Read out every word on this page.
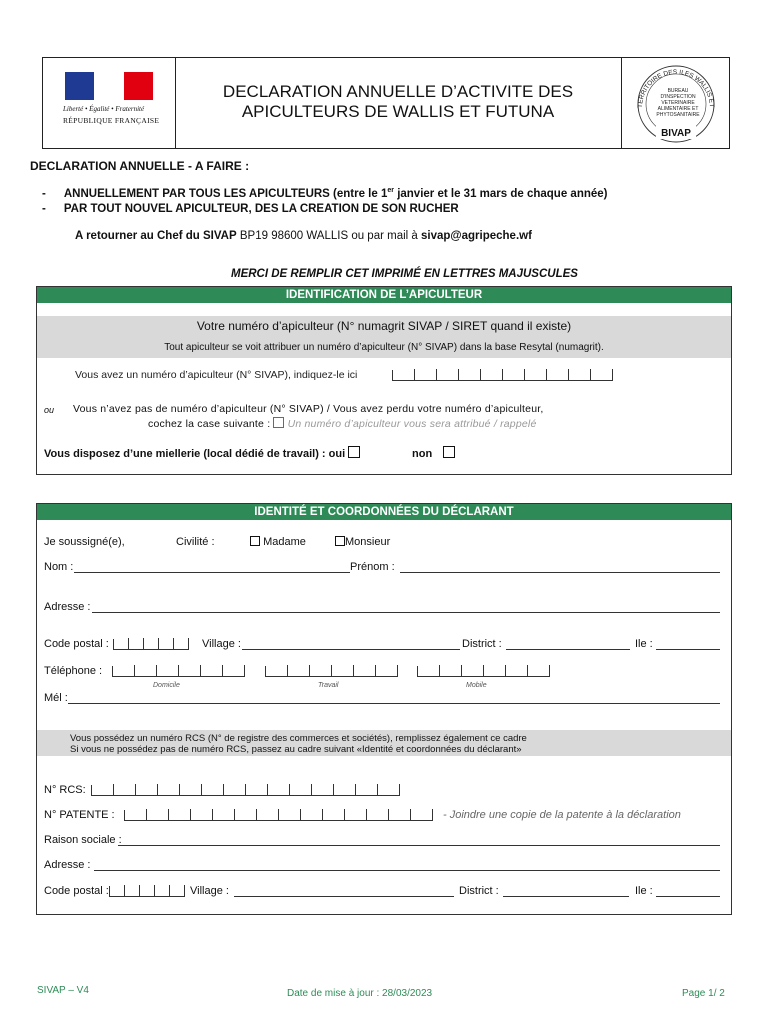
Liberté • Égalité • Fraternité
RÉPUBLIQUE FRANÇAISE
DECLARATION ANNUELLE D’ACTIVITE DES
APICULTEURS DE WALLIS ET FUTUNA	TERRITOIRE DES ILES WALLIS ET
BUREAU
D'INSPECTION
VETERINAIRE
ALIMENTAIRE ET
PHYTOSANITAIRE
BIVAP
DECLARATION ANNUELLE - A FAIRE :
- ANNUELLEMENT PAR TOUS LES APICULTEURS (entre le 1er janvier et le 31 mars de chaque année)
- PAR TOUT NOUVEL APICULTEUR, DES LA CREATION DE SON RUCHER
A retourner au Chef du SIVAP BP19 98600 WALLIS ou par mail à sivap@agripeche.wf
MERCI DE REMPLIR CET IMPRIMÉ EN LETTRES MAJUSCULES
IDENTIFICATION DE L’APICULTEUR
Votre numéro d’apiculteur (N° numagrit SIVAP / SIRET quand il existe)
Tout apiculteur se voit attribuer un numéro d’apiculteur (N° SIVAP) dans la base Resytal (numagrit).
Vous avez un numéro d’apiculteur (N° SIVAP), indiquez-le ici
ou Vous n’avez pas de numéro d’apiculteur (N° SIVAP) / Vous avez perdu votre numéro d’apiculteur,
cochez la case suivante : Un numéro d’apiculteur vous sera attribué / rappelé
Vous disposez d’une miellerie (local dédié de travail) : oui	non
IDENTITÉ ET COORDONNÉES DU DÉCLARANT
Je soussigné(e),	Civilité :	Madame	Monsieur
Nom :	Prénom :
Adresse :
Code postal :	Village :	District :	Ile :
Téléphone :
Domicile	Travail	Mobile
Mél :
Vous possédez un numéro RCS (N° de registre des commerces et sociétés), remplissez également ce cadre
Si vous ne possédez pas de numéro RCS, passez au cadre suivant «Identité et coordonnées du déclarant»
N° RCS:
N° PATENTE :	- Joindre une copie de la patente à la déclaration
Raison sociale :
Adresse :
Code postal :	Village :	District :	Ile :
SIVAP – V4	Date de mise à jour : 28/03/2023	Page 1/ 2
